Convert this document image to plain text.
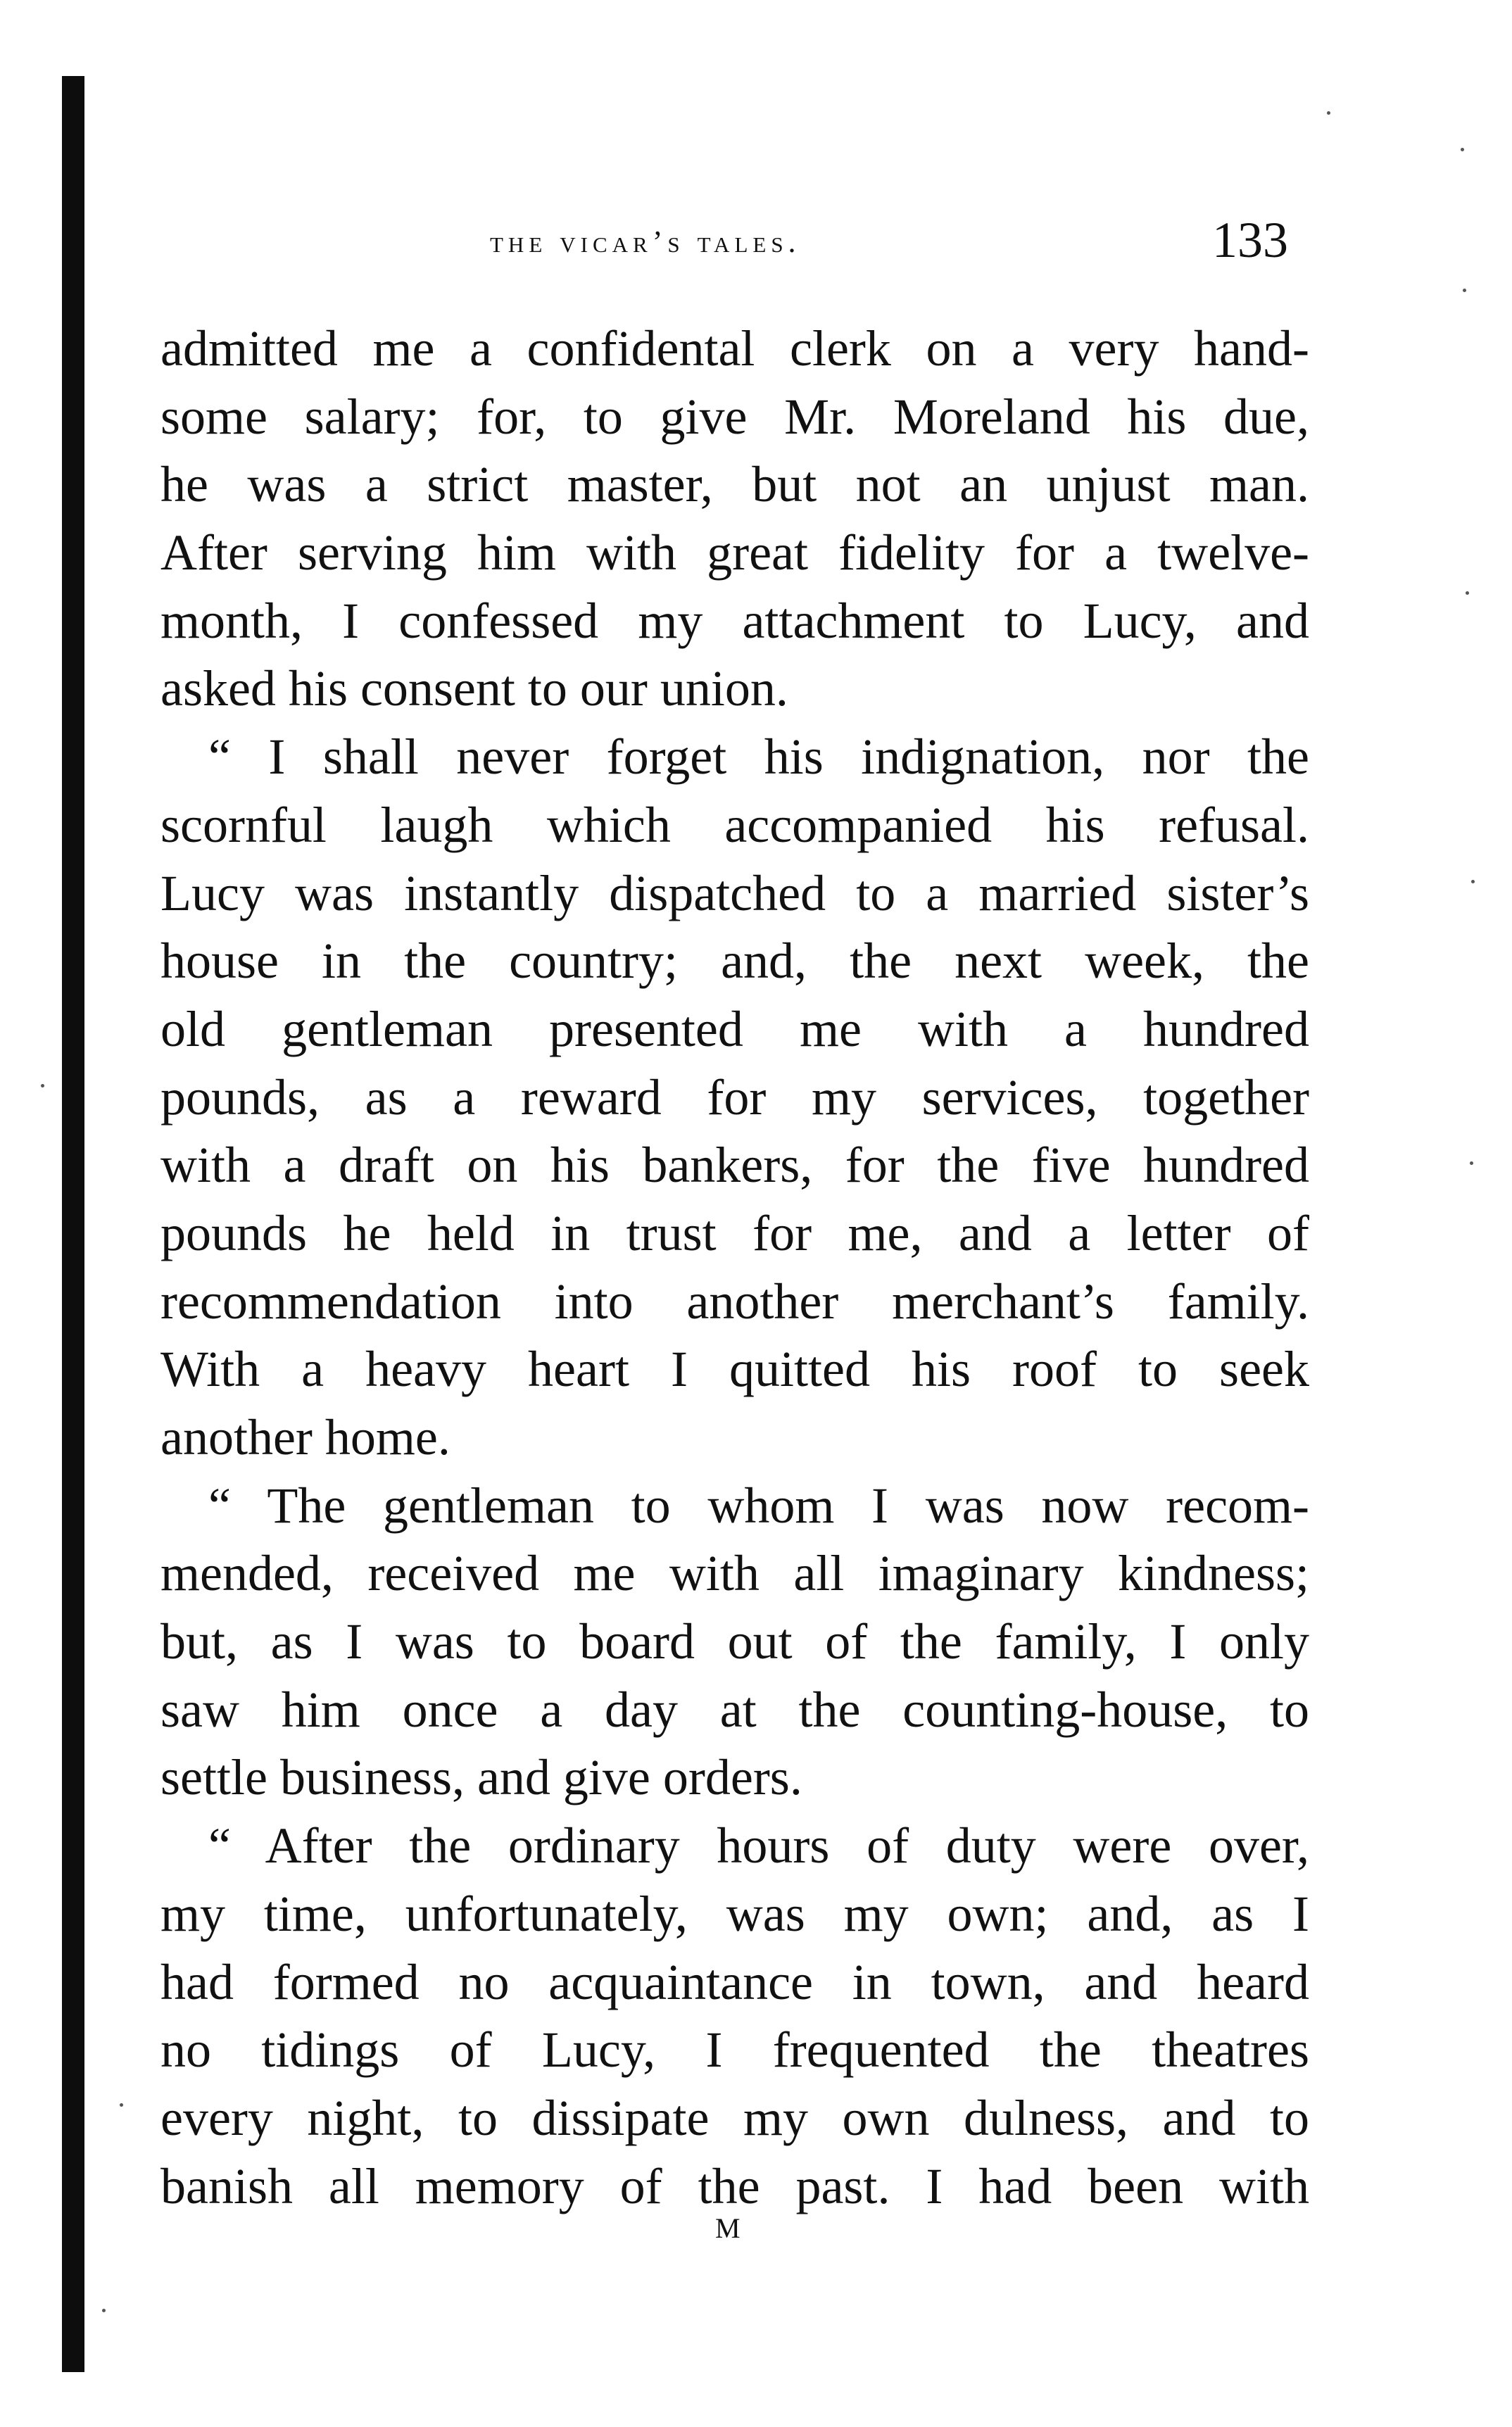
the vicar’s tales.	133
admitted me a confidental clerk on a very hand-
some salary; for, to give Mr. Moreland his due,
he was a strict master, but not an unjust man.
After serving him with great fidelity for a twelve-
month, I confessed my attachment to Lucy, and
asked his consent to our union.
“ I shall never forget his indignation, nor the
scornful laugh which accompanied his refusal.
Lucy was instantly dispatched to a married sister’s
house in the country; and, the next week, the
old gentleman presented me with a hundred
pounds, as a reward for my services, together
with a draft on his bankers, for the five hundred
pounds he held in trust for me, and a letter of
recommendation into another merchant’s family.
With a heavy heart I quitted his roof to seek
another home.
“ The gentleman to whom I was now recom-
mended, received me with all imaginary kindness;
but, as I was to board out of the family, I only
saw him once a day at the counting-house, to
settle business, and give orders.
“ After the ordinary hours of duty were over,
my time, unfortunately, was my own; and, as I
had formed no acquaintance in town, and heard
no tidings of Lucy, I frequented the theatres
every night, to dissipate my own dulness, and to
banish all memory of the past. I had been with
M
